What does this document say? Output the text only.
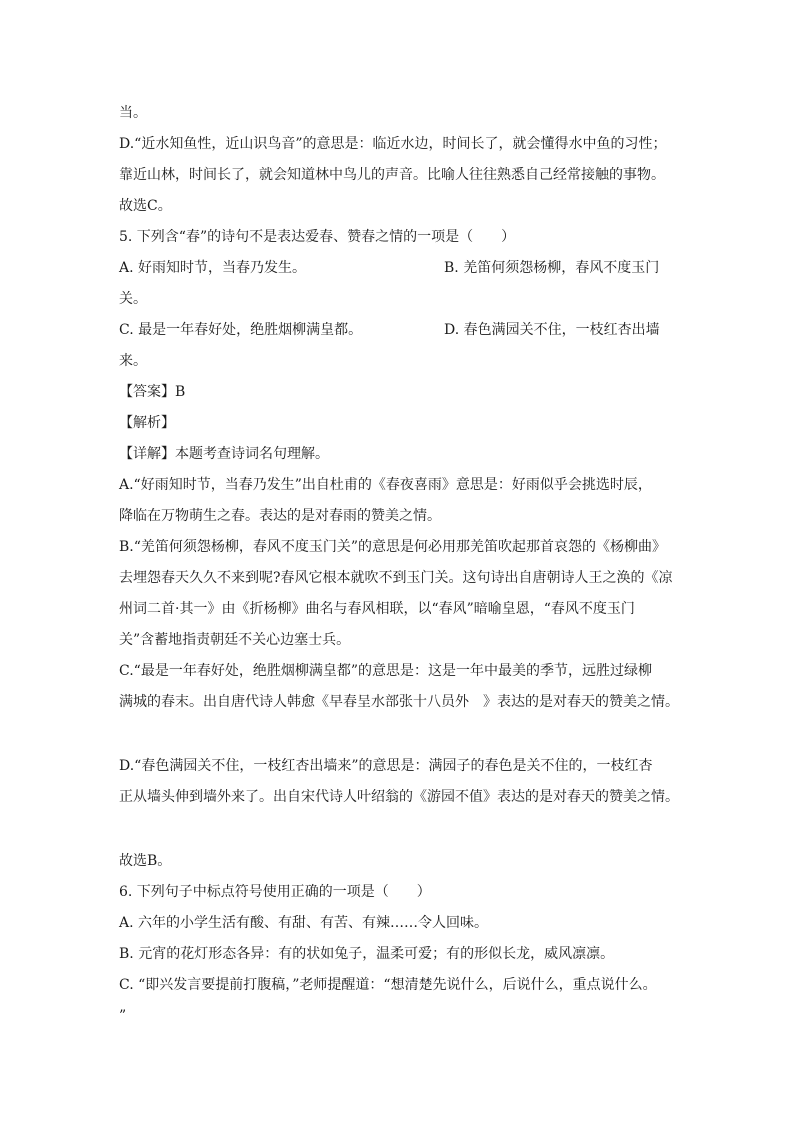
当。
D.“近水知鱼性，近山识鸟音”的意思是：临近水边，时间长了，就会懂得水中鱼的习性；
靠近山林，时间长了，就会知道林中鸟儿的声音。比喻人往往熟悉自己经常接触的事物。
故选C。
5. 下列含“春”的诗句不是表达爱春、赞春之情的一项是（　　）
A. 好雨知时节，当春乃发生。	B. 羌笛何须怨杨柳，春风不度玉门
关。
C. 最是一年春好处，绝胜烟柳满皇都。	D. 春色满园关不住，一枝红杏出墙
来。
【答案】B
【解析】
【详解】本题考查诗词名句理解。
A.“好雨知时节，当春乃发生”出自杜甫的《春夜喜雨》意思是：好雨似乎会挑选时辰，
降临在万物萌生之春。表达的是对春雨的赞美之情。
B.“羌笛何须怨杨柳，春风不度玉门关”的意思是何必用那羌笛吹起那首哀怨的《杨柳曲》
去埋怨春天久久不来到呢?春风它根本就吹不到玉门关。这句诗出自唐朝诗人王之涣的《凉
州词二首·其一》由《折杨柳》曲名与春风相联，以“春风”暗喻皇恩，“春风不度玉门
关”含蓄地指责朝廷不关心边塞士兵。
C.“最是一年春好处，绝胜烟柳满皇都”的意思是：这是一年中最美的季节，远胜过绿柳
满城的春末。出自唐代诗人韩愈《早春呈水部张十八员外　》表达的是对春天的赞美之情。
D.“春色满园关不住，一枝红杏出墙来”的意思是：满园子的春色是关不住的，一枝红杏
正从墙头伸到墙外来了。出自宋代诗人叶绍翁的《游园不值》表达的是对春天的赞美之情。
故选B。
6. 下列句子中标点符号使用正确的一项是（　　）
A. 六年的小学生活有酸、有甜、有苦、有辣……令人回味。
B. 元宵的花灯形态各异：有的状如兔子，温柔可爱；有的形似长龙，威风凛凛。
C. “即兴发言要提前打腹稿，”老师提醒道：“想清楚先说什么，后说什么，重点说什么。
”
